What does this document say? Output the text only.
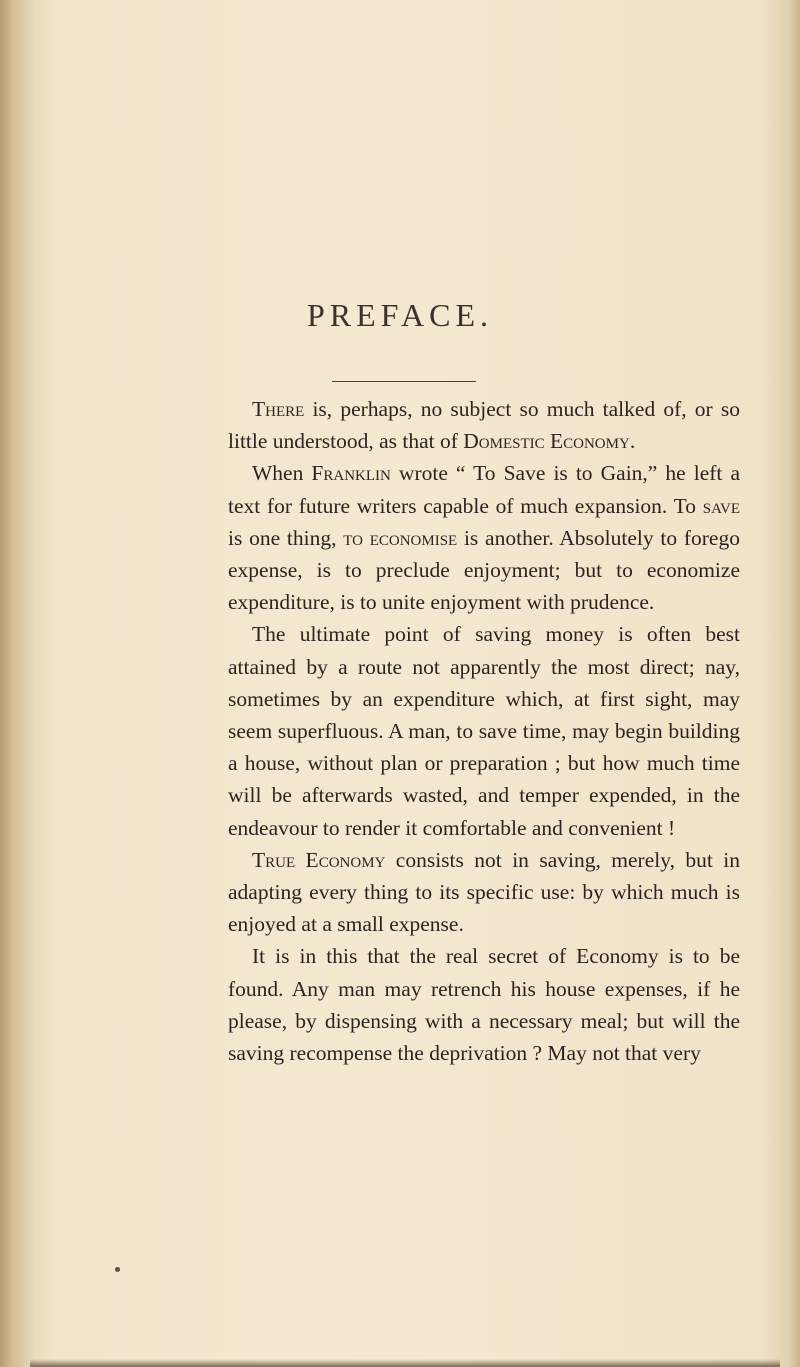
PREFACE.

There is, perhaps, no subject so much talked of, or so little understood, as that of Domestic Economy.

When Franklin wrote “ To Save is to Gain,” he left a text for future writers capable of much expansion. To save is one thing, to economise is another. Absolutely to forego expense, is to preclude enjoyment; but to economize expenditure, is to unite enjoyment with prudence.

The ultimate point of saving money is often best attained by a route not apparently the most direct; nay, sometimes by an expenditure which, at first sight, may seem superfluous. A man, to save time, may begin building a house, without plan or preparation ; but how much time will be afterwards wasted, and temper expended, in the endeavour to render it comfortable and convenient !

True Economy consists not in saving, merely, but in adapting every thing to its specific use: by which much is enjoyed at a small expense.

It is in this that the real secret of Economy is to be found. Any man may retrench his house expenses, if he please, by dispensing with a necessary meal; but will the saving recompense the deprivation ? May not that very
